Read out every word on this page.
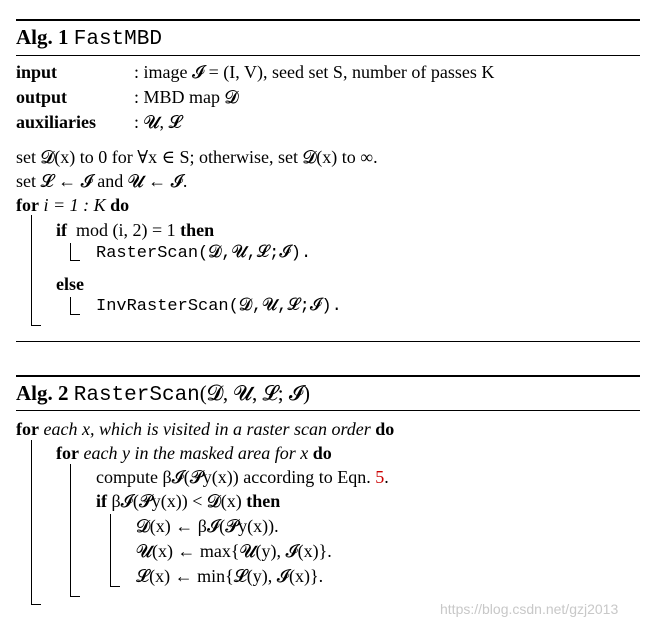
Alg. 1 FastMBD
input	: image 𝓘 = (I, V), seed set S, number of passes K
output	: MBD map 𝓓
auxiliaries : 𝓤, 𝓛
set 𝓓(x) to 0 for ∀x ∈ S; otherwise, set 𝓓(x) to ∞.
set 𝓛 ← 𝓘 and 𝓤 ← 𝓘.
for i = 1 : K do
if mod (i, 2) = 1 then
RasterScan(𝓓,𝓤,𝓛;𝓘).
else
InvRasterScan(𝓓,𝓤,𝓛;𝓘).
Alg. 2 RasterScan(𝓓, 𝓤, 𝓛; 𝓘)
for each x, which is visited in a raster scan order do
for each y in the masked area for x do
compute β𝓘(𝓟y(x)) according to Eqn. 5.
if β𝓘(𝓟y(x)) < 𝓓(x) then
𝓓(x) ← β𝓘(𝓟y(x)).
𝓤(x) ← max{𝓤(y), 𝓘(x)}.
𝓛(x) ← min{𝓛(y), 𝓘(x)}.
https://blog.csdn.net/gzj2013
